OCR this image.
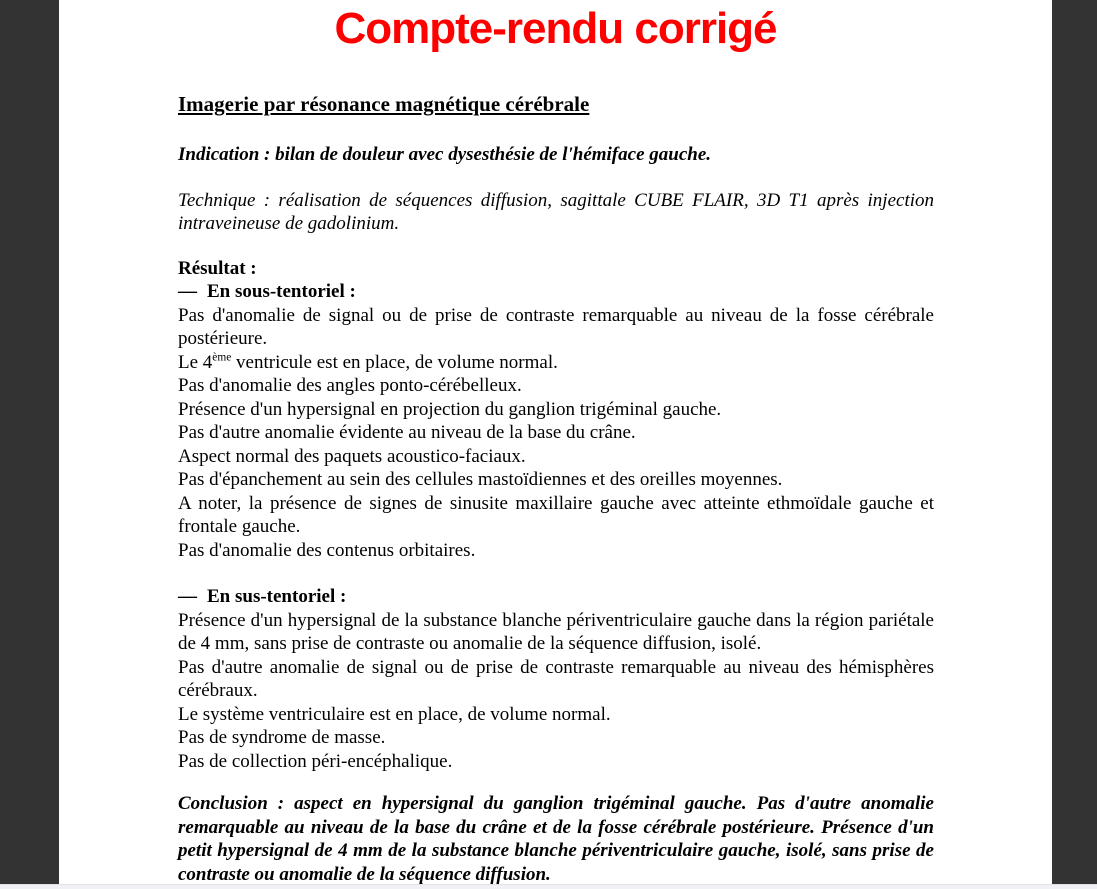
Compte-rendu corrigé
Imagerie par résonance magnétique cérébrale

Indication : bilan de douleur avec dysesthésie de l'hémiface gauche.

Technique : réalisation de séquences diffusion, sagittale CUBE FLAIR, 3D T1 après injection intraveineuse de gadolinium.

Résultat :

— En sous-tentoriel :

Pas d'anomalie de signal ou de prise de contraste remarquable au niveau de la fosse cérébrale postérieure.

Le 4ème ventricule est en place, de volume normal.

Pas d'anomalie des angles ponto-cérébelleux.

Présence d'un hypersignal en projection du ganglion trigéminal gauche.

Pas d'autre anomalie évidente au niveau de la base du crâne.

Aspect normal des paquets acoustico-faciaux.

Pas d'épanchement au sein des cellules mastoïdiennes et des oreilles moyennes.

A noter, la présence de signes de sinusite maxillaire gauche avec atteinte ethmoïdale gauche et frontale gauche.

Pas d'anomalie des contenus orbitaires.

— En sus-tentoriel :

Présence d'un hypersignal de la substance blanche périventriculaire gauche dans la région pariétale de 4 mm, sans prise de contraste ou anomalie de la séquence diffusion, isolé.

Pas d'autre anomalie de signal ou de prise de contraste remarquable au niveau des hémisphères cérébraux.

Le système ventriculaire est en place, de volume normal.

Pas de syndrome de masse.

Pas de collection péri-encéphalique.

Conclusion : aspect en hypersignal du ganglion trigéminal gauche. Pas d'autre anomalie remarquable au niveau de la base du crâne et de la fosse cérébrale postérieure. Présence d'un petit hypersignal de 4 mm de la substance blanche périventriculaire gauche, isolé, sans prise de contraste ou anomalie de la séquence diffusion.
